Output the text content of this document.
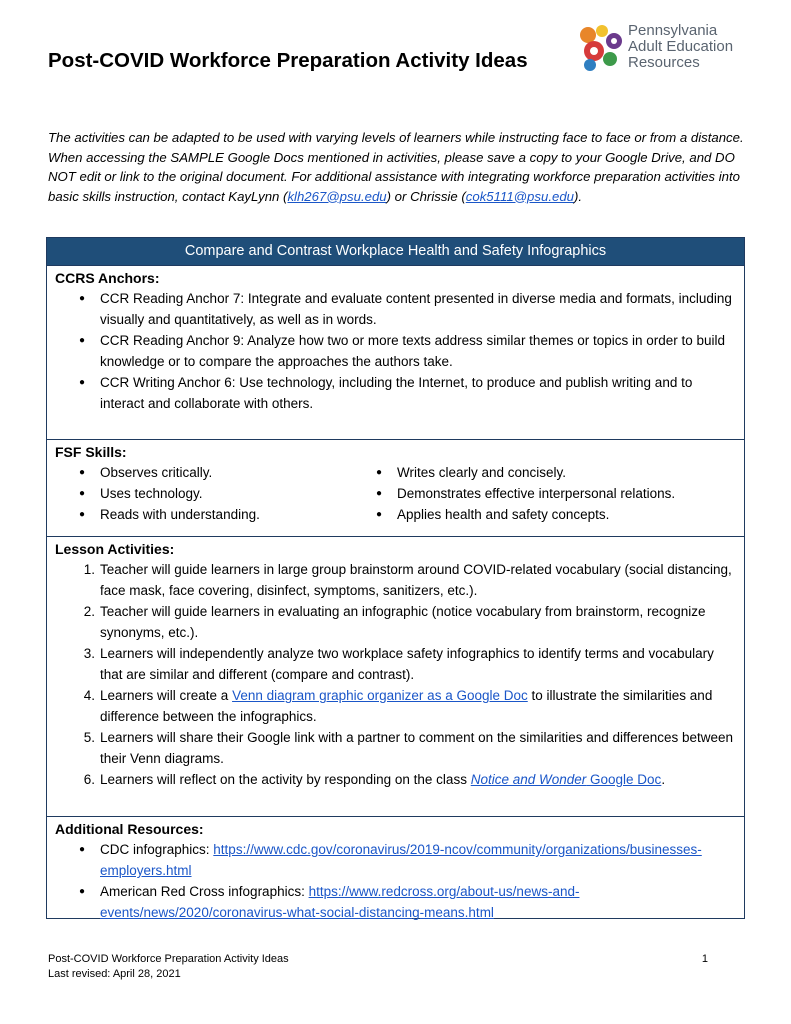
Post-COVID Workforce Preparation Activity Ideas
Pennsylvania
Adult Education
Resources

The activities can be adapted to be used with varying levels of learners while instructing face to face or from a distance. When accessing the SAMPLE Google Docs mentioned in activities, please save a copy to your Google Drive, and DO NOT edit or link to the original document. For additional assistance with integrating workforce preparation activities into basic skills instruction, contact KayLynn (klh267@psu.edu) or Chrissie (cok5111@psu.edu).

Compare and Contrast Workplace Health and Safety Infographics

CCRS Anchors:

● CCR Reading Anchor 7: Integrate and evaluate content presented in diverse media and formats, including visually and quantitatively, as well as in words.
● CCR Reading Anchor 9: Analyze how two or more texts address similar themes or topics in order to build knowledge or to compare the approaches the authors take.
● CCR Writing Anchor 6: Use technology, including the Internet, to produce and publish writing and to interact and collaborate with others.

FSF Skills:

● Observes critically.
● Uses technology.
● Reads with understanding.
● Writes clearly and concisely.
● Demonstrates effective interpersonal relations.
● Applies health and safety concepts.

Lesson Activities:

1. Teacher will guide learners in large group brainstorm around COVID-related vocabulary (social distancing, face mask, face covering, disinfect, symptoms, sanitizers, etc.).
2. Teacher will guide learners in evaluating an infographic (notice vocabulary from brainstorm, recognize synonyms, etc.).
3. Learners will independently analyze two workplace safety infographics to identify terms and vocabulary that are similar and different (compare and contrast).
4. Learners will create a Venn diagram graphic organizer as a Google Doc to illustrate the similarities and difference between the infographics.
5. Learners will share their Google link with a partner to comment on the similarities and differences between their Venn diagrams.
6. Learners will reflect on the activity by responding on the class Notice and Wonder Google Doc.

Additional Resources:

● CDC infographics: https://www.cdc.gov/coronavirus/2019-ncov/community/organizations/businesses-employers.html
● American Red Cross infographics: https://www.redcross.org/about-us/news-and-events/news/2020/coronavirus-what-social-distancing-means.html
Post-COVID Workforce Preparation Activity Ideas
Last revised: April 28, 2021
1
